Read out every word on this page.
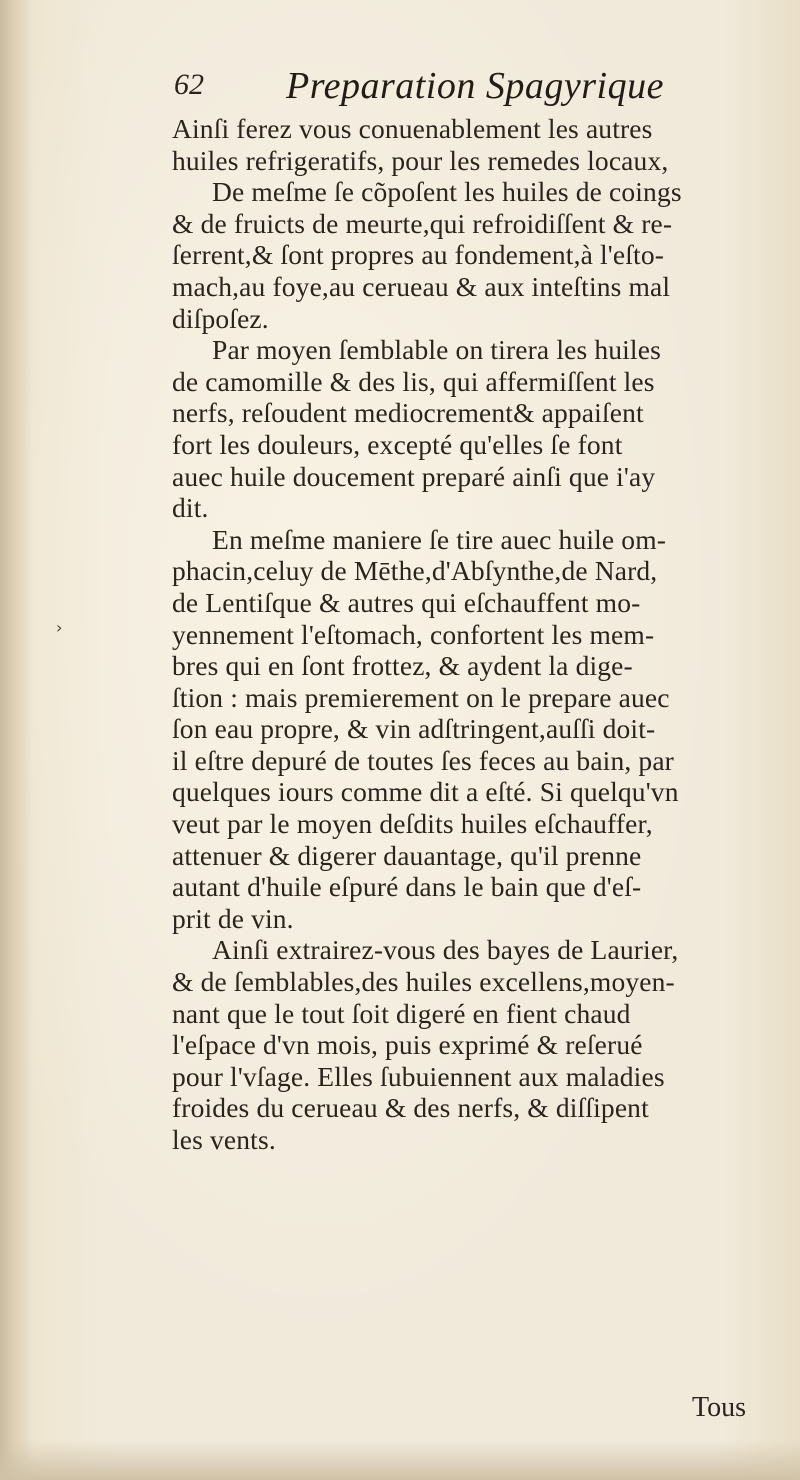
62 Preparation Spagyrique
›
Ainſi ferez vous conuenablement les autres
huiles refrigeratifs, pour les remedes locaux,
De meſme ſe cõpoſent les huiles de coings
& de fruicts de meurte,qui refroidiſſent & re-
ſerrent,& ſont propres au fondement,à l'eſto-
mach,au foye,au cerueau & aux inteſtins mal
diſpoſez.
Par moyen ſemblable on tirera les huiles
de camomille & des lis, qui affermiſſent les
nerfs, reſoudent mediocrement& appaiſent
fort les douleurs, excepté qu'elles ſe font
auec huile doucement preparé ainſi que i'ay
dit.
En meſme maniere ſe tire auec huile om-
phacin,celuy de Mēthe,d'Abſynthe,de Nard,
de Lentiſque & autres qui eſchauffent mo-
yennement l'eſtomach, confortent les mem-
bres qui en ſont frottez, & aydent la dige-
ſtion : mais premierement on le prepare auec
ſon eau propre, & vin adſtringent,auſſi doit-
il eſtre depuré de toutes ſes feces au bain, par
quelques iours comme dit a eſté. Si quelqu'vn
veut par le moyen deſdits huiles eſchauffer,
attenuer & digerer dauantage, qu'il prenne
autant d'huile eſpuré dans le bain que d'eſ-
prit de vin.
Ainſi extrairez-vous des bayes de Laurier,
& de ſemblables,des huiles excellens,moyen-
nant que le tout ſoit digeré en fient chaud
l'eſpace d'vn mois, puis exprimé & reſerué
pour l'vſage. Elles ſubuiennent aux maladies
froides du cerueau & des nerfs, & diſſipent
les vents.
Tous
